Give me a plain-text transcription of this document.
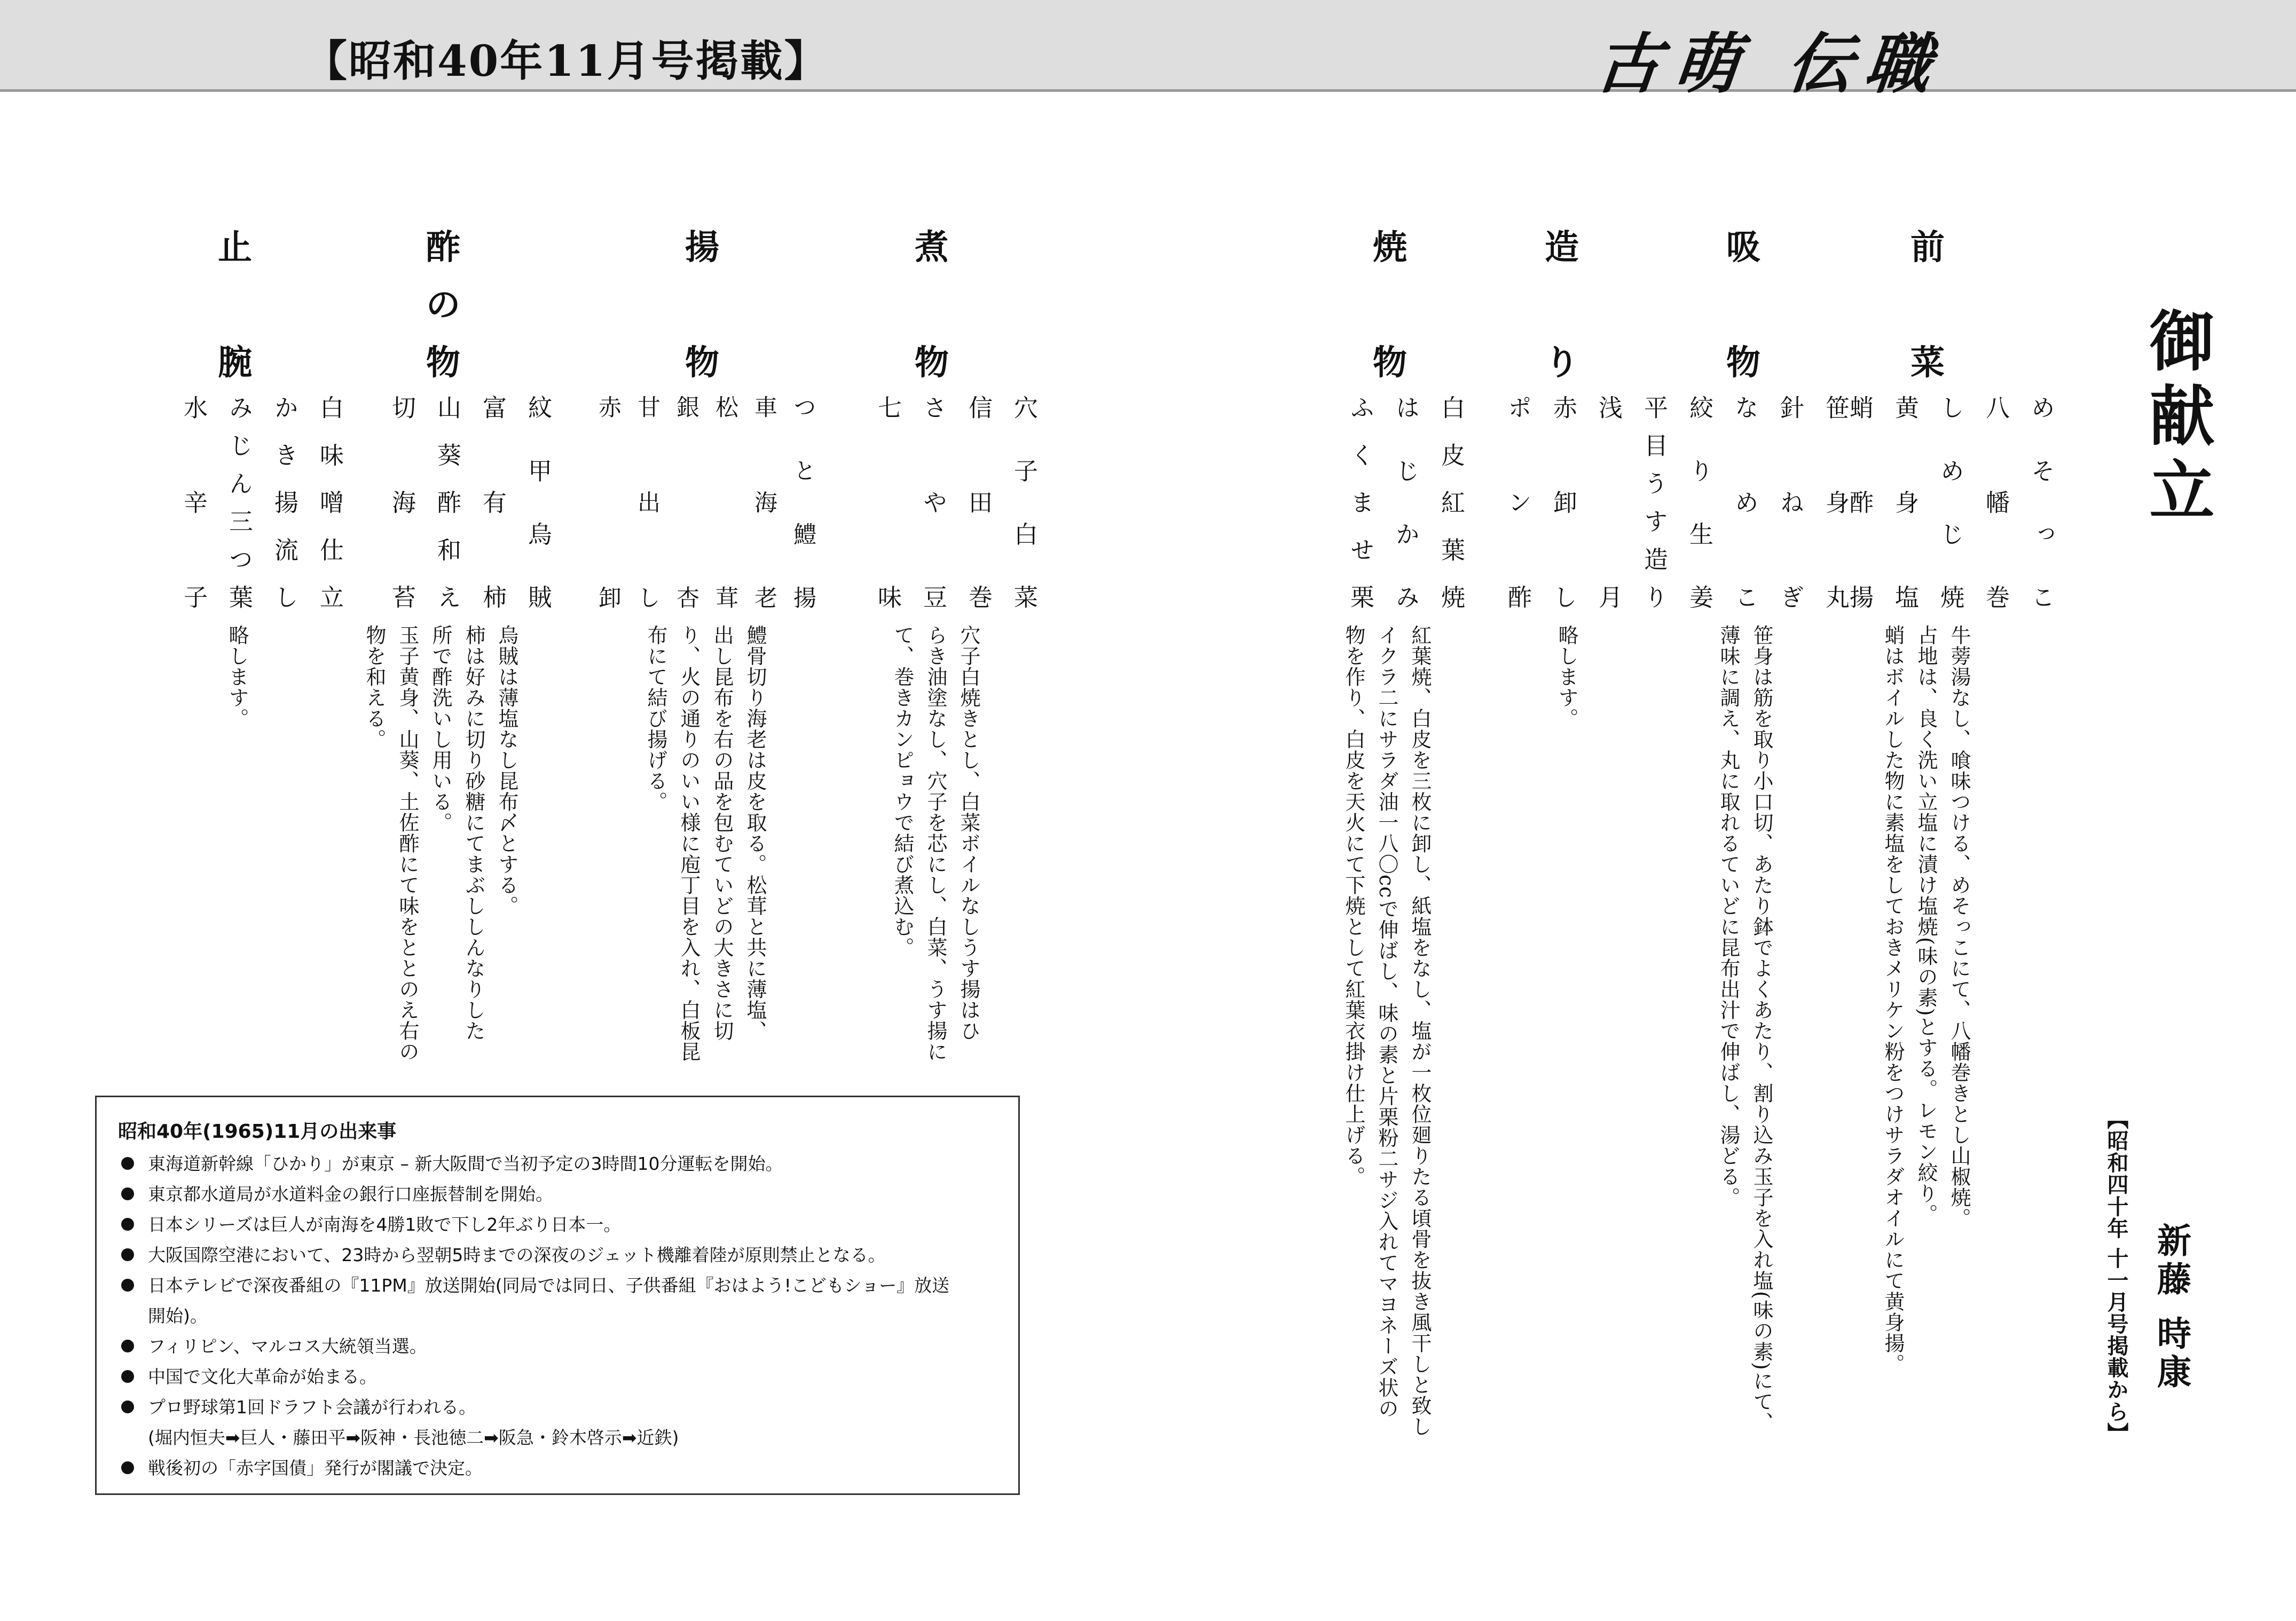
【昭和40年11月号掲載】	古萌 伝職
御献立
【昭和四十年 十一月号掲載から】 新藤 時康
前
菜
めそっこ
八幡巻
しめじ焼
黄身塩
蛸酢揚
牛蒡湯なし、喰味つける、めそっこにて、八幡巻きとし山椒焼。
占地は、良く洗い立塩に漬け塩焼(味の素)とする。レモン絞り。
蛸はボイルした物に素塩をしておきメリケン粉をつけサラダオイルにて黄身揚。
吸
物
笹身丸
針ねぎ
なめこ
絞り生姜
笹身は筋を取り小口切、あたり鉢でよくあたり、割り込み玉子を入れ塩(味の素)にて、
薄味に調え、丸に取れるていどに昆布出汁で伸ばし、湯どる。
造
り
平目うす造り
浅月
赤卸し
ポン酢
略します。
焼
物
白皮紅葉焼
はじかみ
ふくませ栗
紅葉焼、白皮を三枚に卸し、紙塩をなし、塩が一枚位廻りたる頃骨を抜き風干しと致し
イクラ二にサラダ油一八〇ccで伸ばし、味の素と片栗粉二サジ入れてマヨネーズ状の
物を作り、白皮を天火にて下焼として紅葉衣掛け仕上げる。
煮
物
穴子白菜
信田巻
さや豆
七味
穴子白焼きとし、白菜ボイルなしうす揚はひ
らき油塗なし、穴子を芯にし、白菜、うす揚に
て、巻きカンピョウで結び煮込む。
揚
物
つと鱧揚
車海老
松茸
銀杏
甘出し
赤卸
鱧骨切り海老は皮を取る。松茸と共に薄塩、
出し昆布を右の品を包むていどの大きさに切
り、火の通りのいい様に庖丁目を入れ、白板昆
布にて結び揚げる。
酢
の
物
紋甲烏賊
富有柿
山葵酢和え
切海苔
烏賊は薄塩なし昆布〆とする。
柿は好みに切り砂糖にてまぶししんなりした
所で酢洗いし用いる。
玉子黄身、山葵、土佐酢にて味をととのえ右の
物を和える。
止
腕
白味噌仕立
かき揚流し
みじん三つ葉
水辛子
略します。
昭和40年(1965)11月の出来事
東海道新幹線「ひかり」が東京 – 新大阪間で当初予定の3時間10分運転を開始。
東京都水道局が水道料金の銀行口座振替制を開始。
日本シリーズは巨人が南海を4勝1敗で下し2年ぶり日本一。
大阪国際空港において、23時から翌朝5時までの深夜のジェット機離着陸が原則禁止となる。
日本テレビで深夜番組の『11PM』放送開始(同局では同日、子供番組『おはよう!こどもショー』放送
開始)。
フィリピン、マルコス大統領当選。
中国で文化大革命が始まる。
プロ野球第1回ドラフト会議が行われる。
(堀内恒夫➡巨人・藤田平➡阪神・長池徳二➡阪急・鈴木啓示➡近鉄)
戦後初の「赤字国債」発行が閣議で決定。
